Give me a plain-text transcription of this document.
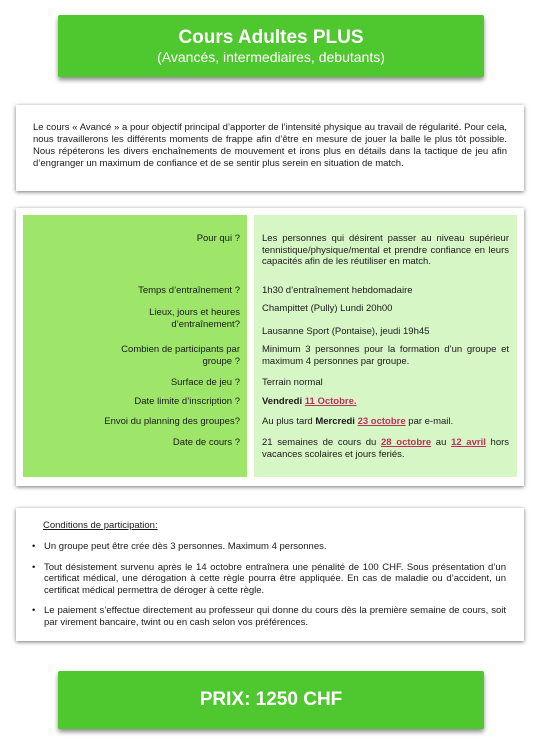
Cours Adultes PLUS
(Avancés, intermediaires, debutants)
Le cours « Avancé » a pour objectif principal d’apporter de l’intensité physique au travail de régularité. Pour cela, nous travaillerons les différents moments de frappe afin d’être en mesure de jouer la balle le plus tôt possible. Nous répéterons les divers enchaînements de mouvement et irons plus en détails dans la tactique de jeu afin d’engranger un maximum de confiance et de se sentir plus serein en situation de match.
Pour qui ?
Temps d’entraînement ?
Lieux, jours et heures d’entraînement?
Combien de participants par groupe ?
Surface de jeu ?
Date limite d’inscription ?
Envoi du planning des groupes?
Date de cours ?
Les personnes qui désirent passer au niveau supérieur tennistique/physique/mental et prendre confiance en leurs capacités afin de les réutiliser en match.
1h30 d’entraînement hebdomadaire
Champittet (Pully) Lundi 20h00
Lausanne Sport (Pontaise), jeudi 19h45
Minimum 3 personnes pour la formation d’un groupe et maximum 4 personnes par groupe.
Terrain normal
Vendredi 11 Octobre.
Au plus tard Mercredi 23 octobre par e-mail.
21 semaines de cours du 28 octobre au 12 avril hors vacances scolaires et jours feriés.
Conditions de participation:
• Un groupe peut être crée dès 3 personnes. Maximum 4 personnes.
• Tout désistement survenu après le 14 octobre entraînera une pénalité de 100 CHF. Sous présentation d’un certificat médical, une dérogation à cette règle pourra être appliquée. En cas de maladie ou d’accident, un certificat médical permettra de déroger à cette règle.
• Le paiement s’effectue directement au professeur qui donne du cours dès la première semaine de cours, soit par virement bancaire, twint ou en cash selon vos préférences.
PRIX: 1250 CHF
